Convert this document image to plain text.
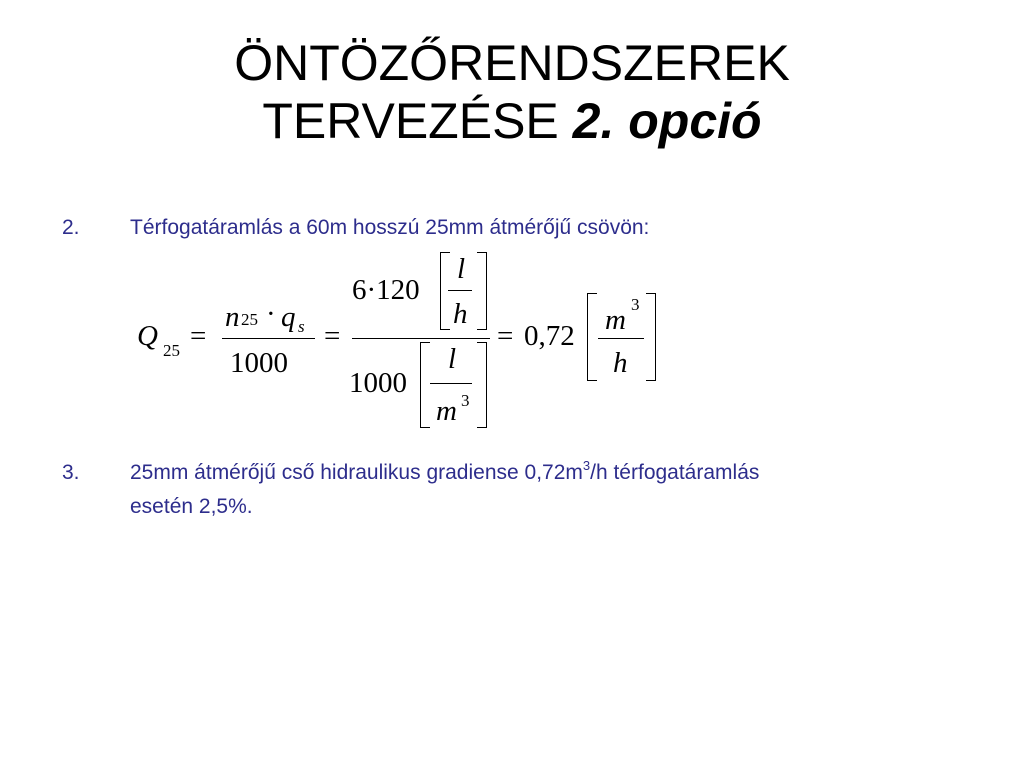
ÖNTÖZŐRENDSZEREK
TERVEZÉSE 2. opció
2. Térfogatáramlás a 60m hosszú 25mm átmérőjű csövön:
Q 25 =
n 25 · q s
1000
=
6·120
l
h
1000
l
m 3
= 0,72 m 3
h
3. 25mm átmérőjű cső hidraulikus gradiense $0,72m^3/h$ térfogatáramlás
esetén 2,5%.
